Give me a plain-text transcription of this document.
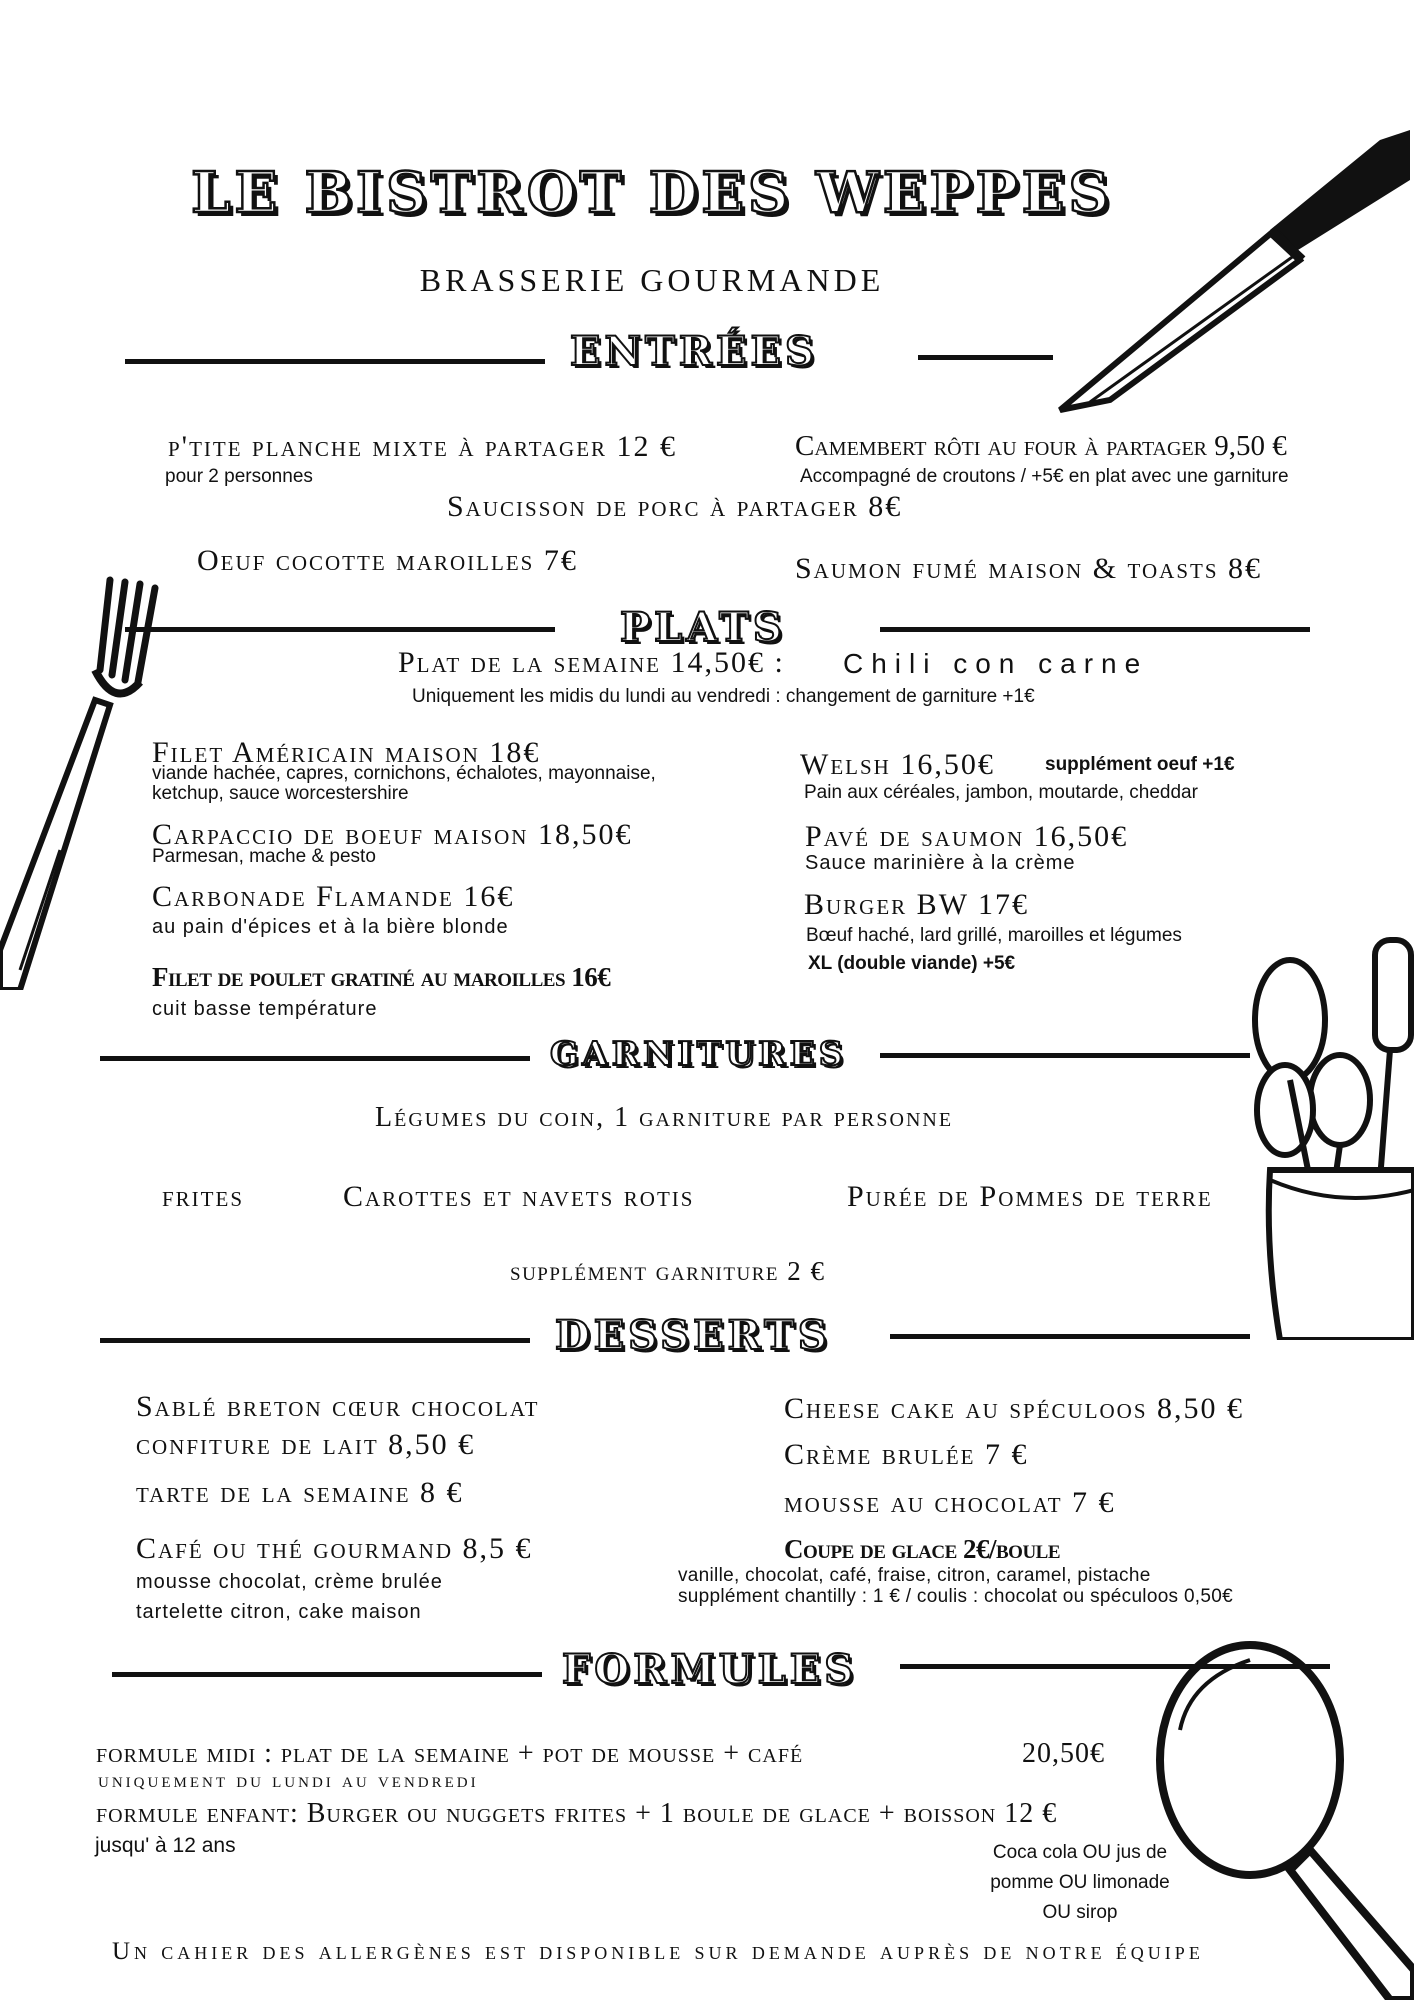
LE BISTROT DES WEPPES
BRASSERIE GOURMANDE
ENTRÉES
p'tite planche mixte à partager 12 €
pour 2 personnes
Camembert rôti au four à partager 9,50 €
Accompagné de croutons / +5€ en plat avec une garniture
Saucisson de porc à partager 8€
Oeuf cocotte maroilles 7€	Saumon fumé maison & toasts 8€
PLATS
Plat de la semaine 14,50€ : Chili con carne
Uniquement les midis du lundi au vendredi : changement de garniture +1€
Filet Américain maison 18€
viande hachée, capres, cornichons, échalotes, mayonnaise,
ketchup, sauce worcestershire
Carpaccio de boeuf maison 18,50€
Parmesan, mache & pesto
Carbonade Flamande 16€
au pain d'épices et à la bière blonde
Filet de poulet gratiné au maroilles 16€
cuit basse température
Welsh 16,50€	supplément oeuf +1€
Pain aux céréales, jambon, moutarde, cheddar
Pavé de saumon 16,50€
Sauce marinière à la crème
Burger BW 17€
Bœuf haché, lard grillé, maroilles et légumes
XL (double viande) +5€
GARNITURES
Légumes du coin, 1 garniture par personne
frites	Carottes et navets rotis	Purée de Pommes de terre
supplément garniture 2 €
DESSERTS
Sablé breton cœur chocolat
confiture de lait 8,50 €
tarte de la semaine 8 €
Café ou thé gourmand 8,5 €
mousse chocolat, crème brulée
tartelette citron, cake maison
Cheese cake au spéculoos 8,50 €
Crème brulée 7 €
mousse au chocolat 7 €
Coupe de glace 2€/boule
vanille, chocolat, café, fraise, citron, caramel, pistache
supplément chantilly : 1 € / coulis : chocolat ou spéculoos 0,50€
FORMULES
formule midi : plat de la semaine + pot de mousse + café	20,50€
uniquement du lundi au vendredi
formule enfant: Burger ou nuggets frites + 1 boule de glace + boisson 12 €
jusqu' à 12 ans	Coca cola OU jus de
pomme OU limonade
OU sirop
Un cahier des allergènes est disponible sur demande auprès de notre équipe
